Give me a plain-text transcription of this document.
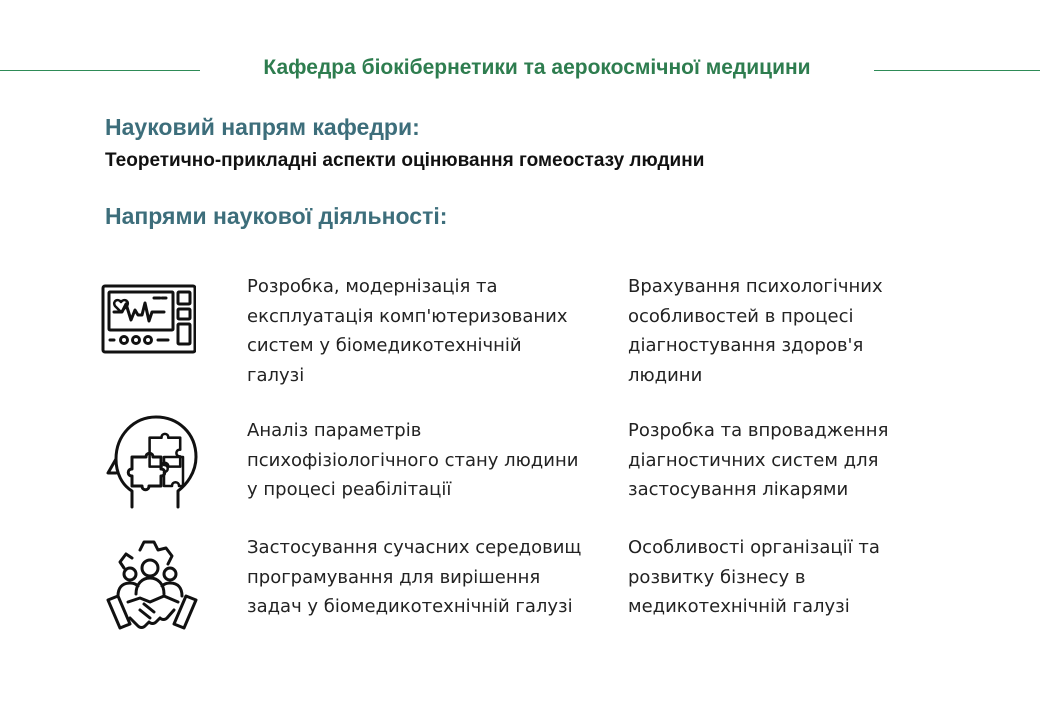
Кафедра біокібернетики та аерокосмічної медицини
Науковий напрям кафедри:
Теоретично-прикладні аспекти оцінювання гомеостазу людини
Напрями наукової діяльності:
Розробка, модернізація та
експлуатація комп'ютеризованих
систем у біомедикотехнічній
галузі
Врахування психологічних
особливостей в процесі
діагностування здоров'я
людини
Аналіз параметрів
психофізіологічного стану людини
у процесі реабілітації
Розробка та впровадження
діагностичних систем для
застосування лікарями
Застосування сучасних середовищ
програмування для вирішення
задач у біомедикотехнічній галузі
Особливості організації та
розвитку бізнесу в
медикотехнічній галузі
